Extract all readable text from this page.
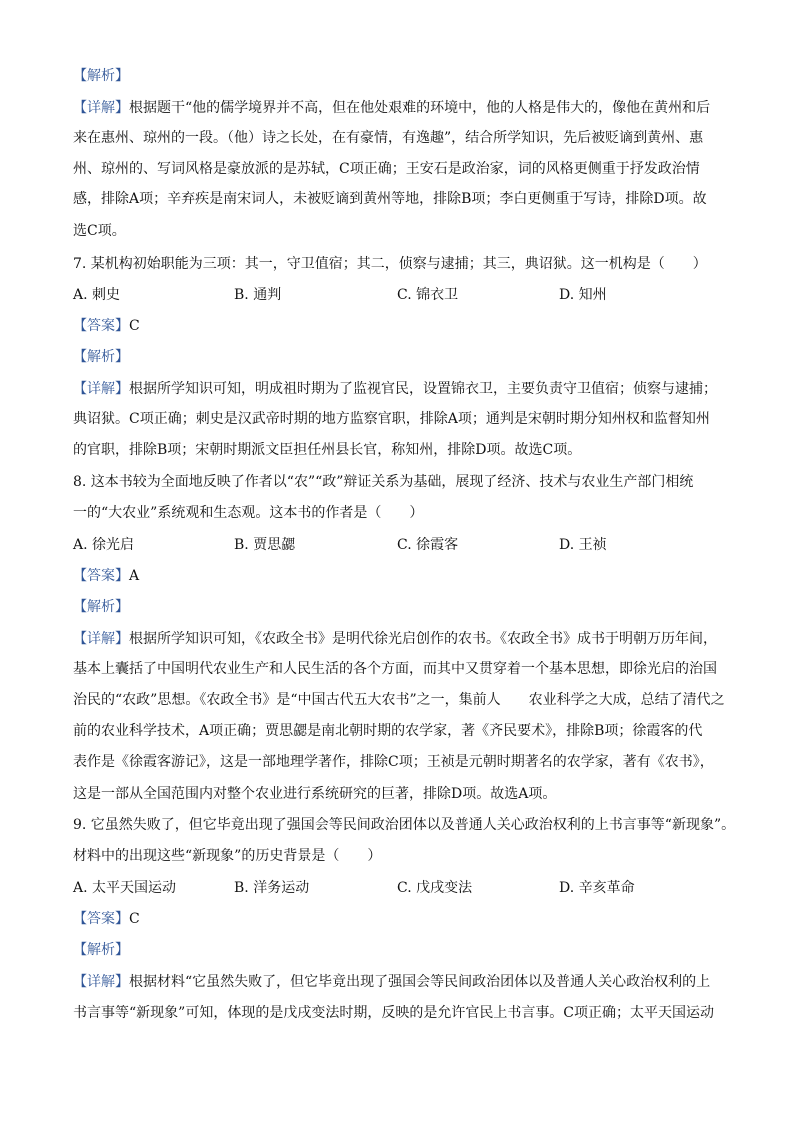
【解析】
【详解】根据题干“他的儒学境界并不高，但在他处艰难的环境中，他的人格是伟大的，像他在黄州和后
来在惠州、琼州的一段。（他）诗之长处，在有豪情，有逸趣”，结合所学知识，先后被贬谪到黄州、惠
州、琼州的、写词风格是豪放派的是苏轼，C项正确；王安石是政治家，词的风格更侧重于抒发政治情
感，排除A项；辛弃疾是南宋词人，未被贬谪到黄州等地，排除B项；李白更侧重于写诗，排除D项。故
选C项。
7. 某机构初始职能为三项：其一，守卫值宿；其二，侦察与逮捕；其三，典诏狱。这一机构是（　　）
A. 刺史	B. 通判	C. 锦衣卫	D. 知州
【答案】C
【解析】
【详解】根据所学知识可知，明成祖时期为了监视官民，设置锦衣卫，主要负责守卫值宿；侦察与逮捕；
典诏狱。C项正确；刺史是汉武帝时期的地方监察官职，排除A项；通判是宋朝时期分知州权和监督知州
的官职，排除B项；宋朝时期派文臣担任州县长官，称知州，排除D项。故选C项。
8. 这本书较为全面地反映了作者以“农”“政”辩证关系为基础，展现了经济、技术与农业生产部门相统
一的“大农业”系统观和生态观。这本书的作者是（　　）
A. 徐光启	B. 贾思勰	C. 徐霞客	D. 王祯
【答案】A
【解析】
【详解】根据所学知识可知，《农政全书》是明代徐光启创作的农书。《农政全书》成书于明朝万历年间，
基本上囊括了中国明代农业生产和人民生活的各个方面，而其中又贯穿着一个基本思想，即徐光启的治国
治民的“农政”思想。《农政全书》是“中国古代五大农书”之一，集前人　　农业科学之大成，总结了清代之
前的农业科学技术，A项正确；贾思勰是南北朝时期的农学家，著《齐民要术》，排除B项；徐霞客的代
表作是《徐霞客游记》，这是一部地理学著作，排除C项；王祯是元朝时期著名的农学家，著有《农书》，
这是一部从全国范围内对整个农业进行系统研究的巨著，排除D项。故选A项。
9. 它虽然失败了，但它毕竟出现了强国会等民间政治团体以及普通人关心政治权利的上书言事等“新现象”。
材料中的出现这些“新现象”的历史背景是（　　）
A. 太平天国运动	B. 洋务运动	C. 戊戌变法	D. 辛亥革命
【答案】C
【解析】
【详解】根据材料“它虽然失败了，但它毕竟出现了强国会等民间政治团体以及普通人关心政治权利的上
书言事等“新现象”可知，体现的是戊戌变法时期，反映的是允许官民上书言事。C项正确；太平天国运动
